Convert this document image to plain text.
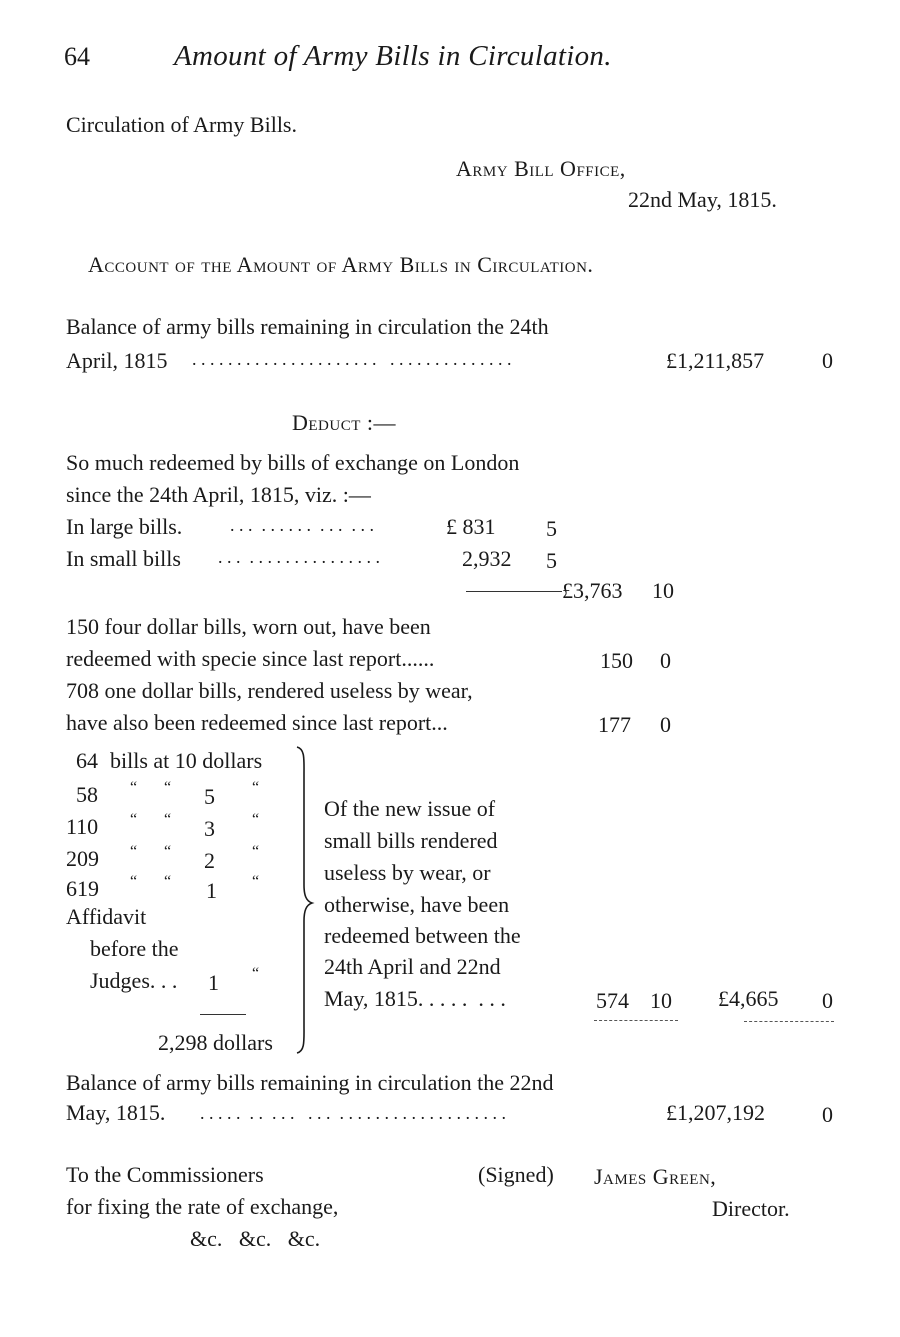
64	Amount of Army Bills in Circulation.
Circulation of Army Bills.
Army Bill Office,
22nd May, 1815.
Account of the Amount of Army Bills in Circulation.
Balance of army bills remaining in circulation the 24th
April, 1815 . . . . . . . . . . . . . . . . . . . . .   . . . . . . . . . . . . . .	£1,211,857	0
Deduct :—
So much redeemed by bills of exchange on London
since the 24th April, 1815, viz. :—
In large bills.	. . .  . . . . . .  . . .  . . .	£ 831 5
In small bills . . .  . . . . . . . . . . . . . . .	2,932 5
£3,763 10
150 four dollar bills, worn out, have been
redeemed with specie since last report......	150 0
708 one dollar bills, rendered useless by wear,
have also been redeemed since last report...	177 0
64 bills at 10 dollars
58 “ “ 5 “
110 “ “ 3 “
209 “ “ 2 “
619 “ “ 1 “
Affidavit
before the
Judges. . . 1 “
2,298 dollars
Of the new issue of
small bills rendered
useless by wear, or
otherwise, have been
redeemed between the
24th April and 22nd
May, 1815. . . . .  . . .	574 10 £4,665 0
Balance of army bills remaining in circulation the 22nd
May, 1815. . . . . .  . .  . . .   . . .  . . . . . . . . . . . . . . . . . . .	£1,207,192	0
To the Commissioners
for fixing the rate of exchange,
&c.   &c.   &c.
(Signed) James Green,
Director.
